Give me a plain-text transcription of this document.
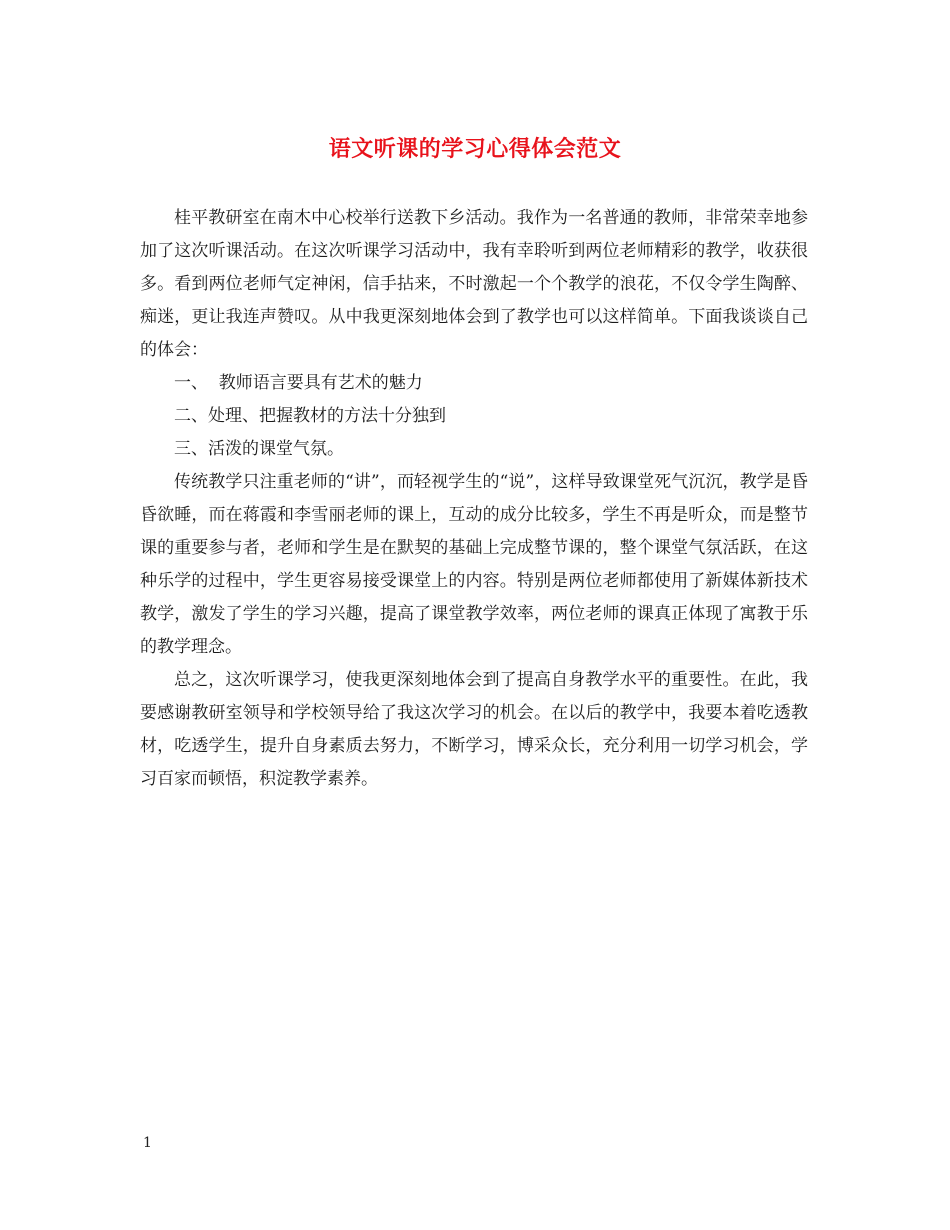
语文听课的学习心得体会范文

桂平教研室在南木中心校举行送教下乡活动。我作为一名普通的教师，非常荣幸地参加了这次听课活动。在这次听课学习活动中，我有幸聆听到两位老师精彩的教学，收获很多。看到两位老师气定神闲，信手拈来，不时激起一个个教学的浪花，不仅令学生陶醉、痴迷，更让我连声赞叹。从中我更深刻地体会到了教学也可以这样简单。下面我谈谈自己的体会：

一、  教师语言要具有艺术的魅力

二、处理、把握教材的方法十分独到

三、活泼的课堂气氛。

传统教学只注重老师的“讲”，而轻视学生的“说”，这样导致课堂死气沉沉，教学是昏昏欲睡，而在蒋霞和李雪丽老师的课上，互动的成分比较多，学生不再是听众，而是整节课的重要参与者，老师和学生是在默契的基础上完成整节课的，整个课堂气氛活跃，在这种乐学的过程中，学生更容易接受课堂上的内容。特别是两位老师都使用了新媒体新技术教学，激发了学生的学习兴趣，提高了课堂教学效率，两位老师的课真正体现了寓教于乐的教学理念。

总之，这次听课学习，使我更深刻地体会到了提高自身教学水平的重要性。在此，我要感谢教研室领导和学校领导给了我这次学习的机会。在以后的教学中，我要本着吃透教材，吃透学生，提升自身素质去努力，不断学习，博采众长，充分利用一切学习机会，学习百家而顿悟，积淀教学素养。

1
